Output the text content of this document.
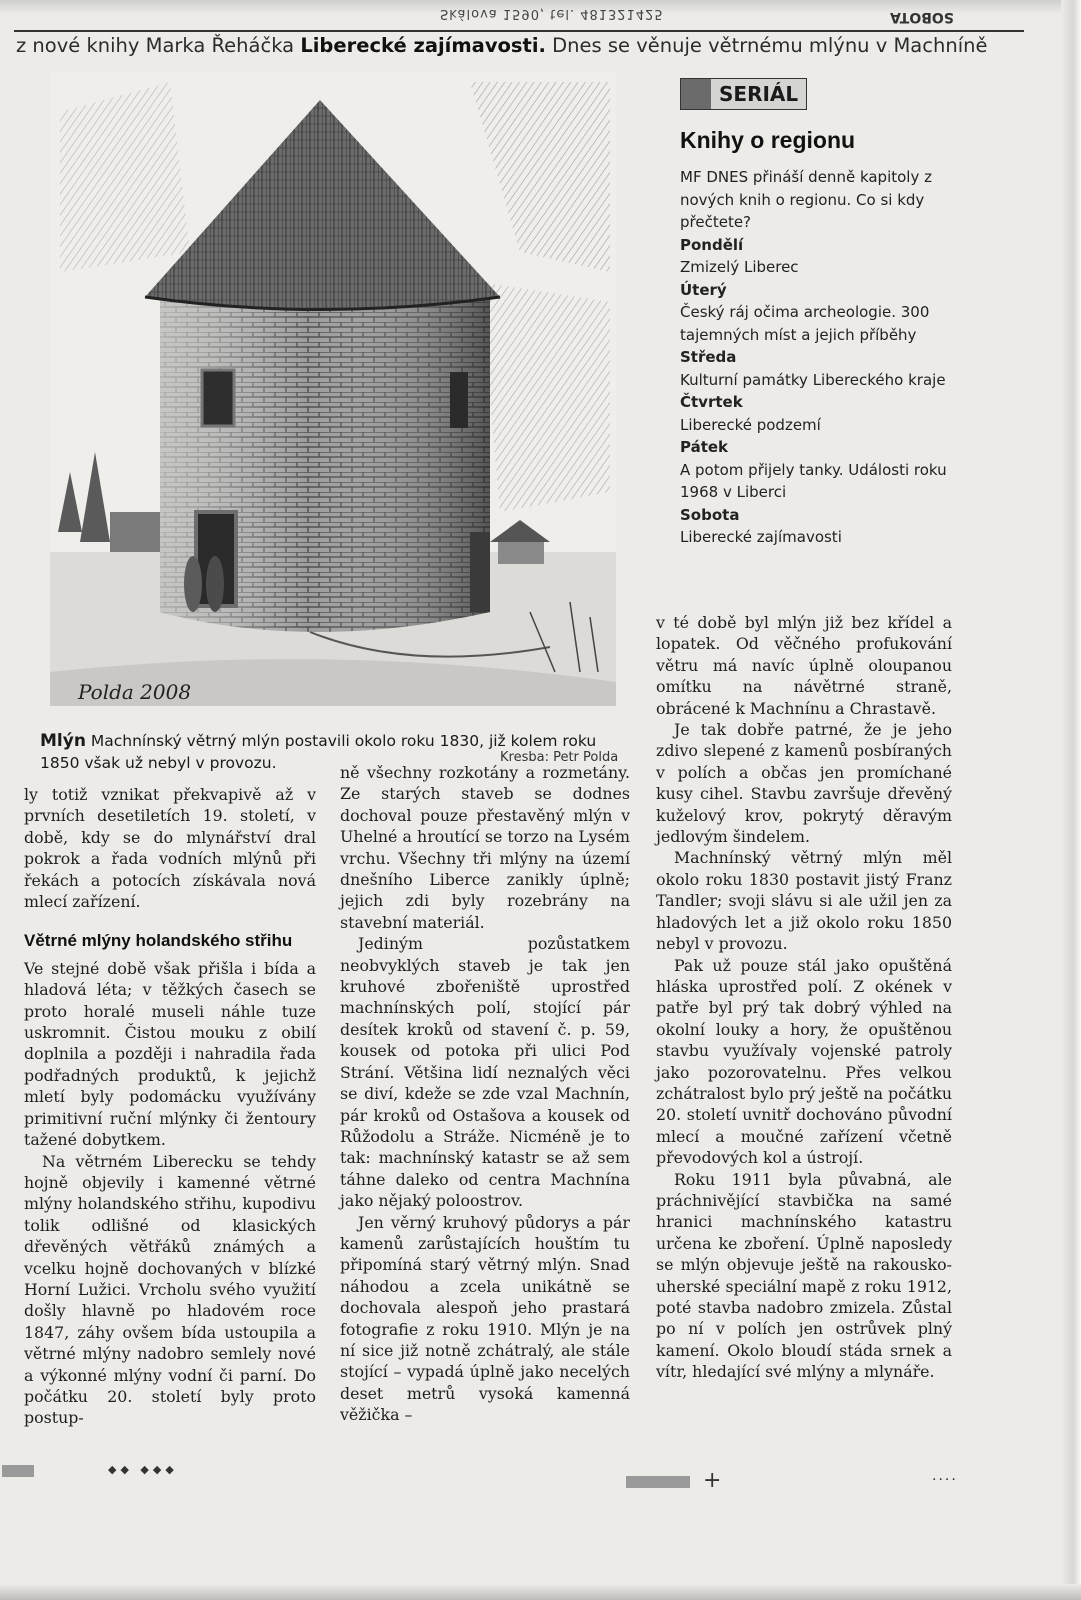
Skálova 1590, tel. 481321425	SOBOTA
z nové knihy Marka Řeháčka Liberecké zajímavosti. Dnes se věnuje větrnému mlýnu v Machníně
Polda 2008
Mlýn Machnínský větrný mlýn postavili okolo roku 1830, již kolem roku 1850 však už nebyl v provozu.	Kresba: Petr Polda
SERIÁL
Knihy o regionu

MF DNES přináší denně kapitoly z nových knih o regionu. Co si kdy přečtete?

Pondělí
Zmizelý Liberec
Úterý
Český ráj očima archeologie. 300 tajemných míst a jejich příběhy
Středa
Kulturní památky Libereckého kraje
Čtvrtek
Liberecké podzemí
Pátek
A potom přijely tanky. Události roku 1968 v Liberci
Sobota
Liberecké zajímavosti

ly totiž vznikat překvapivě až v prvních desetiletích 19. století, v době, kdy se do mlynářství dral pokrok a řada vodních mlýnů při řekách a potocích získávala nová mlecí zařízení.

Větrné mlýny holandského střihu

Ve stejné době však přišla i bída a hladová léta; v těžkých časech se proto horalé museli náhle tuze uskromnit. Čistou mouku z obilí doplnila a později i nahradila řada podřadných produktů, k jejichž mletí byly podomácku využívány primitivní ruční mlýnky či žentoury tažené dobytkem.

Na větrném Liberecku se tehdy hojně objevily i kamenné větrné mlýny holandského střihu, kupodivu tolik odlišné od klasických dřevěných větřáků známých a vcelku hojně dochovaných v blízké Horní Lužici. Vrcholu svého využití došly hlavně po hladovém roce 1847, záhy ovšem bída ustoupila a větrné mlýny nadobro semlely nové a výkonné mlýny vodní či parní. Do počátku 20. století byly proto postup-

ně všechny rozkotány a rozmetány. Ze starých staveb se dodnes dochoval pouze přestavěný mlýn v Uhelné a hroutící se torzo na Lysém vrchu. Všechny tři mlýny na území dnešního Liberce zanikly úplně; jejich zdi byly rozebrány na stavební materiál.

Jediným pozůstatkem neobvyklých staveb je tak jen kruhové zbořeniště uprostřed machnínských polí, stojící pár desítek kroků od stavení č. p. 59, kousek od potoka při ulici Pod Strání. Většina lidí neznalých věci se diví, kdeže se zde vzal Machnín, pár kroků od Ostašova a kousek od Růžodolu a Stráže. Nicméně je to tak: machnínský katastr se až sem táhne daleko od centra Machnína jako nějaký poloostrov.

Jen věrný kruhový půdorys a pár kamenů zarůstajících houštím tu připomíná starý větrný mlýn. Snad náhodou a zcela unikátně se dochovala alespoň jeho prastará fotografie z roku 1910. Mlýn je na ní sice již notně zchátralý, ale stále stojící – vypadá úplně jako necelých deset metrů vysoká kamenná věžička –

v té době byl mlýn již bez křídel a lopatek. Od věčného profukování větru má navíc úplně oloupanou omítku na návětrné straně, obrácené k Machnínu a Chrastavě.

Je tak dobře patrné, že je jeho zdivo slepené z kamenů posbíraných v polích a občas jen promíchané kusy cihel. Stavbu završuje dřevěný kuželový krov, pokrytý děravým jedlovým šindelem.

Machnínský větrný mlýn měl okolo roku 1830 postavit jistý Franz Tandler; svoji slávu si ale užil jen za hladových let a již okolo roku 1850 nebyl v provozu.

Pak už pouze stál jako opuštěná hláska uprostřed polí. Z okének v patře byl prý tak dobrý výhled na okolní louky a hory, že opuštěnou stavbu využívaly vojenské patroly jako pozorovatelnu. Přes velkou zchátralost bylo prý ještě na počátku 20. století uvnitř dochováno původní mlecí a moučné zařízení včetně převodových kol a ústrojí.

Roku 1911 byla půvabná, ale práchnivějící stavbička na samé hranici machnínského katastru určena ke zboření. Úplně naposledy se mlýn objevuje ještě na rakousko-uherské speciální mapě z roku 1912, poté stavba nadobro zmizela. Zůstal po ní v polích jen ostrůvek plný kamení. Okolo bloudí stáda srnek a vítr, hledající své mlýny a mlynáře.

◆◆ ◆◆◆	+	····
